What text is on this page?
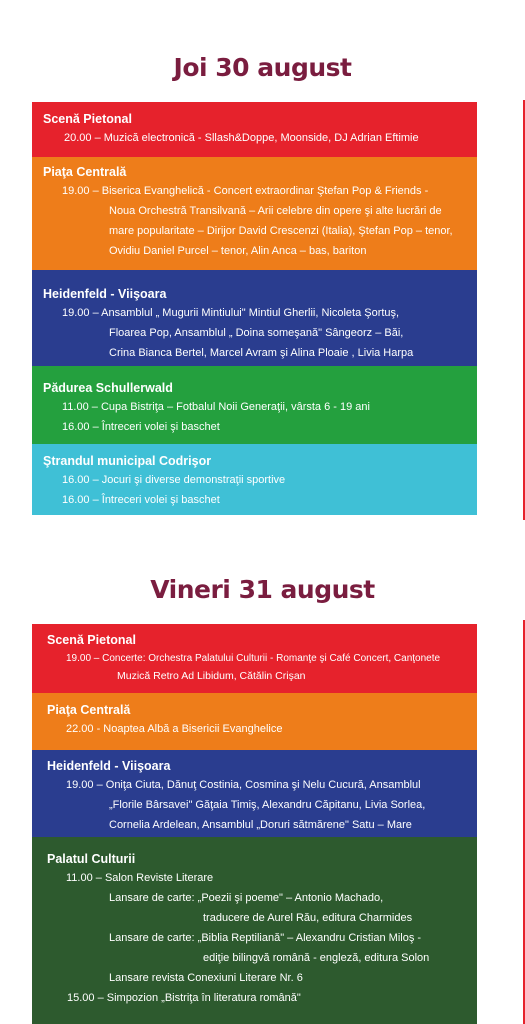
Joi 30 august
Scenă Pietonal
20.00 – Muzică electronică - Sllash&Doppe, Moonside, DJ Adrian Eftimie
Piaţa Centrală
19.00 – Biserica Evanghelică - Concert extraordinar Ştefan Pop & Friends -
Noua Orchestră Transilvană – Arii celebre din opere şi alte lucrări de
mare popularitate – Dirijor David Crescenzi (Italia), Ştefan Pop – tenor,
Ovidiu Daniel Purcel – tenor, Alin Anca – bas, bariton
Heidenfeld - Viişoara
19.00 – Ansamblul „ Mugurii Mintiului" Mintiul Gherlii, Nicoleta Şortuş,
Floarea Pop, Ansamblul „ Doina someşană" Sângeorz – Băi,
Crina Bianca Bertel, Marcel Avram şi Alina Ploaie , Livia Harpa
Pădurea Schullerwald
11.00 – Cupa Bistriţa – Fotbalul Noii Generaţii, vârsta 6 - 19 ani
16.00 – Întreceri volei şi baschet
Ştrandul municipal Codrişor
16.00 – Jocuri şi diverse demonstraţii sportive
16.00 – Întreceri volei şi baschet
Vineri 31 august
Scenă Pietonal
19.00 – Concerte: Orchestra Palatului Culturii - Romanţe şi Café Concert, Canţonete
Muzică Retro Ad Libidum, Cătălin Crişan
Piaţa Centrală
22.00 - Noaptea Albă a Bisericii Evanghelice
Heidenfeld - Viişoara
19.00 – Oniţa Ciuta, Dănuţ Costinia, Cosmina şi Nelu Cucură, Ansamblul
„Florile Bârsavei" Găţaia Timiş, Alexandru Căpitanu, Livia Sorlea,
Cornelia Ardelean, Ansamblul „Doruri sătmărene" Satu – Mare
Palatul Culturii
11.00 – Salon Reviste Literare
Lansare de carte: „Poezii şi poeme" – Antonio Machado,
traducere de Aurel Rău, editura Charmides
Lansare de carte: „Biblia Reptiliană" – Alexandru Cristian Miloş -
ediţie bilingvă română - engleză, editura Solon
Lansare revista Conexiuni Literare Nr. 6
15.00 – Simpozion „Bistriţa în literatura română"
